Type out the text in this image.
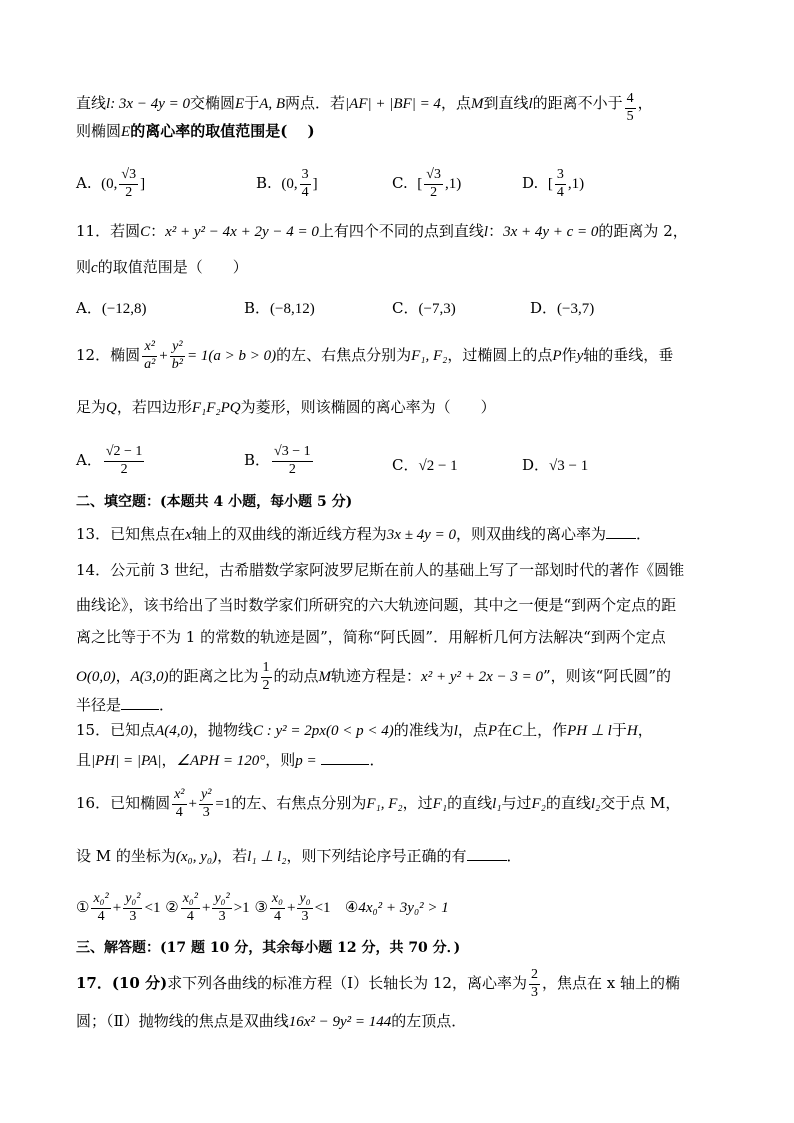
直线l: 3x − 4y = 0交椭圆E于A, B两点．若|AF| + |BF| = 4，点M到直线l的距离不小于 $\frac{4}{5}$ ，
则椭圆E的离心率的取值范围是(　 )
A. (0, $\frac{√3}{2}$ ]	B. (0, $\frac{3}{4}$ ]	C. [ $\frac{√3}{2} ,1$)	D. [ $\frac{3}{4} ,1$)
11．若圆C：x² + y² − 4x + 2y − 4 = 0上有四个不同的点到直线l：3x + 4y + c = 0的距离为 2，
则c的取值范围是（　　）
A．(−12,8)	B．(−8,12)	C．(−7,3)	D．(−3,7)
12．椭圆 $\frac{\text{x²}}{\text{a²}} + \frac{\text{y²}}{\text{b²}} = 1(a > b > 0)$的左、右焦点分别为F₁, F₂，过椭圆上的点P作y轴的垂线，垂
足为Q，若四边形F₁F₂PQ为菱形，则该椭圆的离心率为（　　）
A． $\frac{√2 - 1}{2}$	B． $\frac{√3 - 1}{2}$	C．√2 − 1	D．√3 − 1
二、填空题：(本题共 4 小题，每小题 5 分)
13．已知焦点在x轴上的双曲线的渐近线方程为3x ± 4y = 0，则双曲线的离心率为 ．
14．公元前 3 世纪，古希腊数学家阿波罗尼斯在前人的基础上写了一部划时代的著作《圆锥
曲线论》，该书给出了当时数学家们所研究的六大轨迹问题，其中之一便是“到两个定点的距
离之比等于不为 1 的常数的轨迹是圆”，简称“阿氏圆”．用解析几何方法解决“到两个定点
O(0,0)，A(3,0)的距离之比为 $\frac{1}{2}$ 的动点M轨迹方程是：x² + y² + 2x − 3 = 0”，则该“阿氏圆”的
半径是	．
15．已知点A(4,0)，抛物线C : y² = 2px(0 < p < 4)的准线为l，点P在C上，作PH ⊥ l于H，
且|PH| = |PA|，∠APH = 120°，则p =	．
16．已知椭圆 $\frac{\text{x²}}{4} + \frac{\text{y²}}{3} =1$的左、右焦点分别为F₁, F₂，过F₁的直线l₁与过F₂的直线l₂交于点 M，
设 M 的坐标为(x₀, y₀)，若l₁ ⊥ l₂，则下列结论序号正确的有	．
① $\frac{\text{x₀²}}{4} + \frac{\text{y₀²}}{3} <1$ ② $\frac{\text{x₀²}}{4} + \frac{\text{y₀²}}{3} >1$ ③ $\frac{\text{x₀}}{4} + \frac{\text{y₀}}{3} <1$ ④4x₀² + 3y₀² > 1
三、解答题：(17 题 10 分，其余每小题 12 分，共 70 分．)
17．(10 分)求下列各曲线的标准方程（Ⅰ）长轴长为 12，离心率为 $\frac{2}{3}$ ，焦点在 x 轴上的椭
圆；（Ⅱ）抛物线的焦点是双曲线16x² − 9y² = 144的左顶点．
